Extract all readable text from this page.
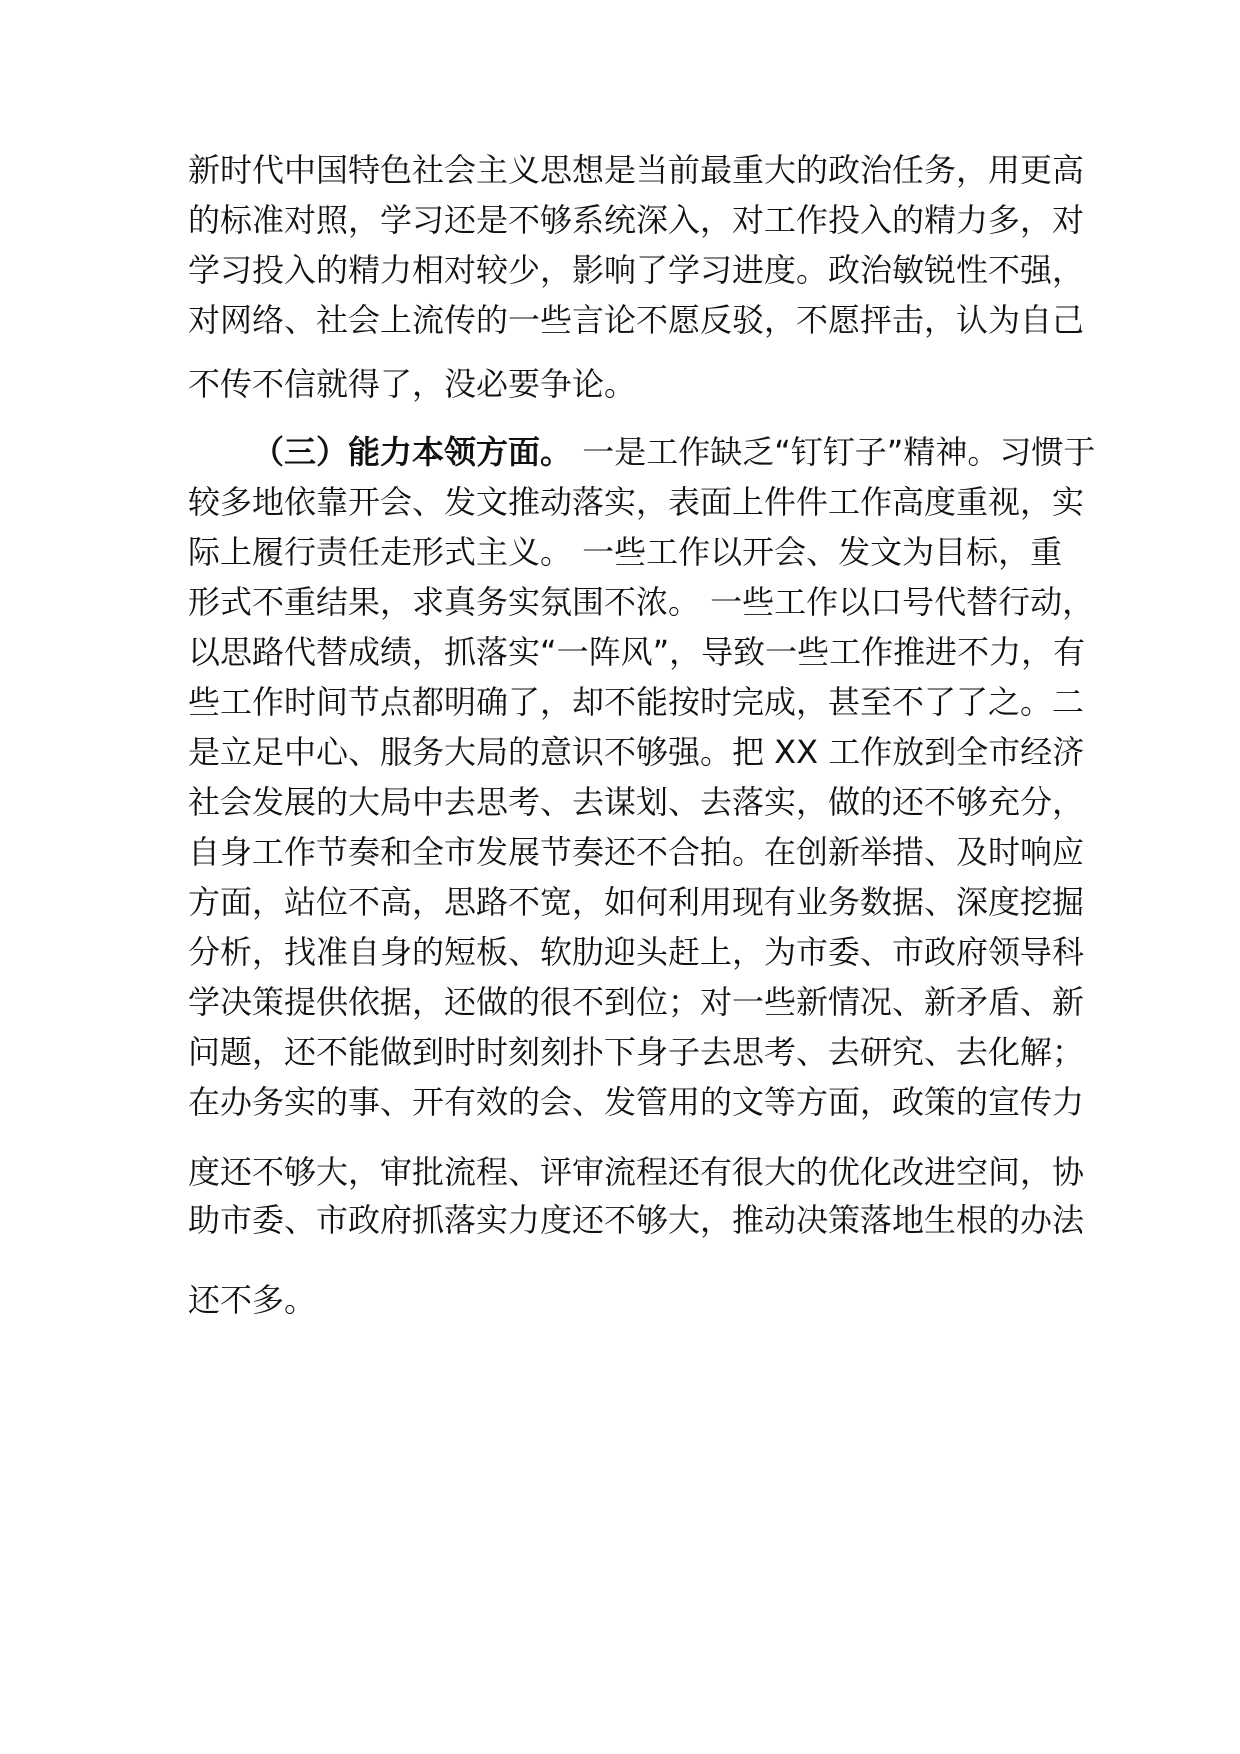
新时代中国特色社会主义思想是当前最重大的政治任务，用更高
的标准对照，学习还是不够系统深入，对工作投入的精力多，对
学习投入的精力相对较少，影响了学习进度。政治敏锐性不强，
对网络、社会上流传的一些言论不愿反驳，不愿抨击，认为自己
不传不信就得了，没必要争论。
（三）能力本领方面。 一是工作缺乏“钉钉子”精神。习惯于
较多地依靠开会、发文推动落实，表面上件件工作高度重视，实
际上履行责任走形式主义。 一些工作以开会、发文为目标，重
形式不重结果，求真务实氛围不浓。 一些工作以口号代替行动，
以思路代替成绩，抓落实“一阵风”，导致一些工作推进不力，有
些工作时间节点都明确了，却不能按时完成，甚至不了了之。二
是立足中心、服务大局的意识不够强。把 XX 工作放到全市经济
社会发展的大局中去思考、去谋划、去落实，做的还不够充分，
自身工作节奏和全市发展节奏还不合拍。在创新举措、及时响应
方面，站位不高，思路不宽，如何利用现有业务数据、深度挖掘
分析，找准自身的短板、软肋迎头赶上，为市委、市政府领导科
学决策提供依据，还做的很不到位；对一些新情况、新矛盾、新
问题，还不能做到时时刻刻扑下身子去思考、去研究、去化解；
在办务实的事、开有效的会、发管用的文等方面，政策的宣传力
度还不够大，审批流程、评审流程还有很大的优化改进空间，协
助市委、市政府抓落实力度还不够大，推动决策落地生根的办法
还不多。
